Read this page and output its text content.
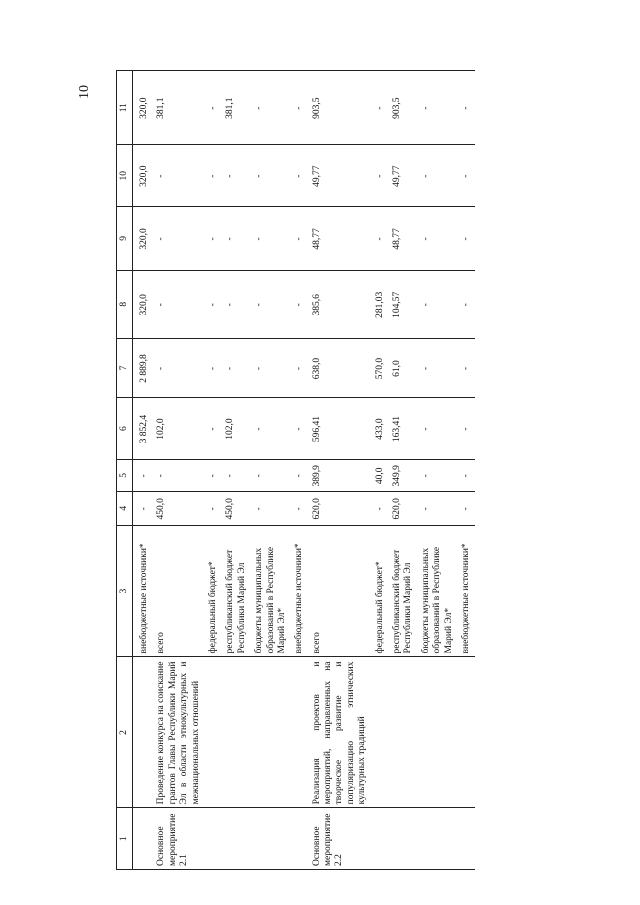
10
1	2	3	4	5	6	7	8	9	10	11
		внебюджетные источники*	-	-	3 852,4	2 889,8	320,0	320,0	320,0	320,0
Основное мероприятие 2.1	Проведение конкурса на соискание грантов Главы Республики Марий Эл в области этнокультурных и межнациональных отношений	всего	450,0	-	102,0	-	-	-	-	381,1
		федеральный бюджет*	-	-	-	-	-	-	-	-
		республиканский бюджет Республики Марий Эл	450,0	-	102,0	-	-	-	-	381,1
		бюджеты муниципальных образований в Республике Марий Эл*	-	-	-	-	-	-	-	-
		внебюджетные источники*	-	-	-	-	-	-	-	-
Основное мероприятие 2.2	Реализация проектов и мероприятий, направленных на творческое развитие и популяризацию этнических культурных традиций	всего	620,0	389,9	596,41	638,0	385,6	48,77	49,77	903,5
		федеральный бюджет*	-	40,0	433,0	570,0	281,03	-	-	-
		республиканский бюджет Республики Марий Эл	620,0	349,9	163,41	61,0	104,57	48,77	49,77	903,5
		бюджеты муниципальных образований в Республике Марий Эл*	-	-	-	-	-	-	-	-
		внебюджетные источники*	-	-	-	-	-	-	-	-
